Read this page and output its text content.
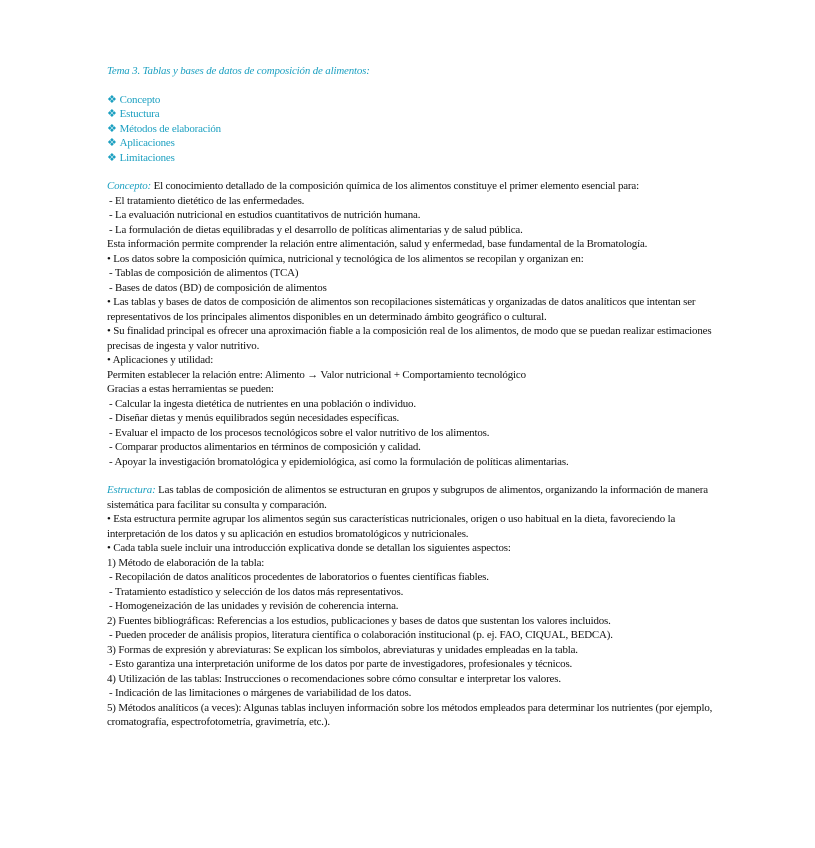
Tema 3. Tablas y bases de datos de composición de alimentos:
❖ Concepto
❖ Estuctura
❖ Métodos de elaboración
❖ Aplicaciones
❖ Limitaciones
Concepto: El conocimiento detallado de la composición química de los alimentos constituye el primer elemento esencial para:
- El tratamiento dietético de las enfermedades.
- La evaluación nutricional en estudios cuantitativos de nutrición humana.
- La formulación de dietas equilibradas y el desarrollo de políticas alimentarias y de salud pública.
Esta información permite comprender la relación entre alimentación, salud y enfermedad, base fundamental de la Bromatología.
• Los datos sobre la composición química, nutricional y tecnológica de los alimentos se recopilan y organizan en:
- Tablas de composición de alimentos (TCA)
- Bases de datos (BD) de composición de alimentos
• Las tablas y bases de datos de composición de alimentos son recopilaciones sistemáticas y organizadas de datos analíticos que intentan ser representativos de los principales alimentos disponibles en un determinado ámbito geográfico o cultural.
• Su finalidad principal es ofrecer una aproximación fiable a la composición real de los alimentos, de modo que se puedan realizar estimaciones precisas de ingesta y valor nutritivo.
• Aplicaciones y utilidad:
Permiten establecer la relación entre: Alimento → Valor nutricional + Comportamiento tecnológico
Gracias a estas herramientas se pueden:
- Calcular la ingesta dietética de nutrientes en una población o individuo.
- Diseñar dietas y menús equilibrados según necesidades específicas.
- Evaluar el impacto de los procesos tecnológicos sobre el valor nutritivo de los alimentos.
- Comparar productos alimentarios en términos de composición y calidad.
- Apoyar la investigación bromatológica y epidemiológica, así como la formulación de políticas alimentarias.
Estructura: Las tablas de composición de alimentos se estructuran en grupos y subgrupos de alimentos, organizando la información de manera sistemática para facilitar su consulta y comparación.
• Esta estructura permite agrupar los alimentos según sus características nutricionales, origen o uso habitual en la dieta, favoreciendo la interpretación de los datos y su aplicación en estudios bromatológicos y nutricionales.
• Cada tabla suele incluir una introducción explicativa donde se detallan los siguientes aspectos:
1) Método de elaboración de la tabla:
- Recopilación de datos analíticos procedentes de laboratorios o fuentes científicas fiables.
- Tratamiento estadístico y selección de los datos más representativos.
- Homogeneización de las unidades y revisión de coherencia interna.
2) Fuentes bibliográficas: Referencias a los estudios, publicaciones y bases de datos que sustentan los valores incluidos.
- Pueden proceder de análisis propios, literatura científica o colaboración institucional (p. ej. FAO, CIQUAL, BEDCA).
3) Formas de expresión y abreviaturas: Se explican los símbolos, abreviaturas y unidades empleadas en la tabla.
- Esto garantiza una interpretación uniforme de los datos por parte de investigadores, profesionales y técnicos.
4) Utilización de las tablas: Instrucciones o recomendaciones sobre cómo consultar e interpretar los valores.
- Indicación de las limitaciones o márgenes de variabilidad de los datos.
5) Métodos analíticos (a veces): Algunas tablas incluyen información sobre los métodos empleados para determinar los nutrientes (por ejemplo, cromatografía, espectrofotometría, gravimetría, etc.).
